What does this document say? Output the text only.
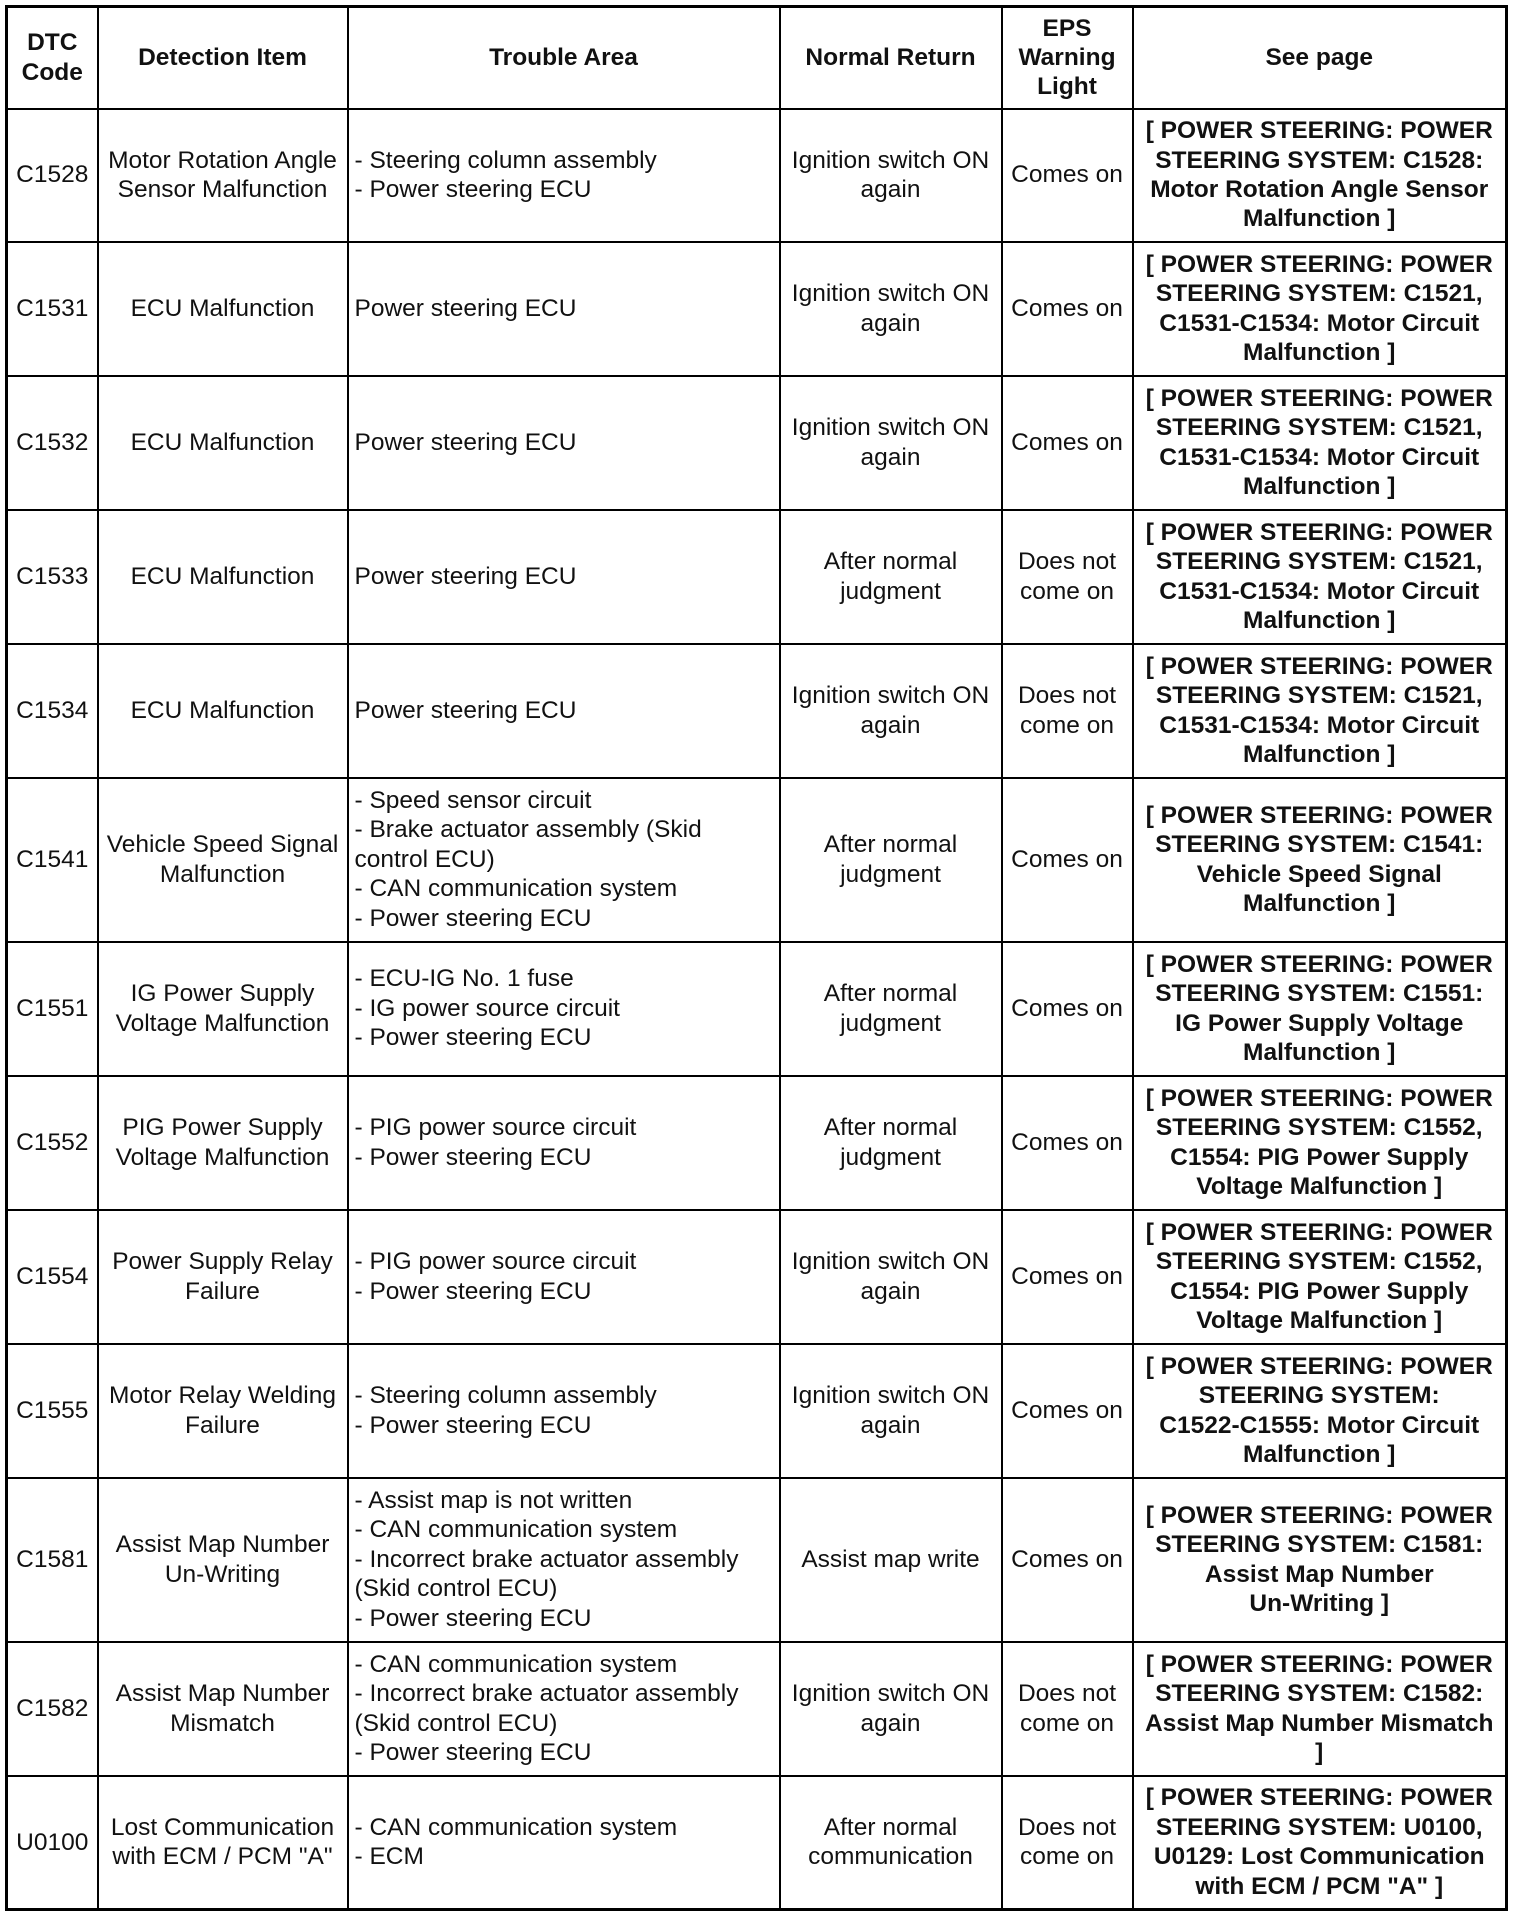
DTC
Code	Detection Item	Trouble Area	Normal Return	EPS
Warning
Light	See page
C1528	Motor Rotation Angle
Sensor Malfunction	- Steering column assembly
- Power steering ECU	Ignition switch ON
again	Comes on	[ POWER STEERING: POWER
STEERING SYSTEM: C1528:
Motor Rotation Angle Sensor
Malfunction ]

C1531	ECU Malfunction	Power steering ECU	Ignition switch ON
again	Comes on	[ POWER STEERING: POWER
STEERING SYSTEM: C1521,
C1531-C1534: Motor Circuit
Malfunction ]

C1532	ECU Malfunction	Power steering ECU	Ignition switch ON
again	Comes on	[ POWER STEERING: POWER
STEERING SYSTEM: C1521,
C1531-C1534: Motor Circuit
Malfunction ]

C1533	ECU Malfunction	Power steering ECU	After normal
judgment	Does not
come on	[ POWER STEERING: POWER
STEERING SYSTEM: C1521,
C1531-C1534: Motor Circuit
Malfunction ]

C1534	ECU Malfunction	Power steering ECU	Ignition switch ON
again	Does not
come on	[ POWER STEERING: POWER
STEERING SYSTEM: C1521,
C1531-C1534: Motor Circuit
Malfunction ]

C1541	Vehicle Speed Signal
Malfunction	- Speed sensor circuit
- Brake actuator assembly (Skid
control ECU)
- CAN communication system
- Power steering ECU	After normal
judgment	Comes on	[ POWER STEERING: POWER
STEERING SYSTEM: C1541:
Vehicle Speed Signal
Malfunction ]

C1551	IG Power Supply
Voltage Malfunction	- ECU-IG No. 1 fuse
- IG power source circuit
- Power steering ECU	After normal
judgment	Comes on	[ POWER STEERING: POWER
STEERING SYSTEM: C1551:
IG Power Supply Voltage
Malfunction ]

C1552	PIG Power Supply
Voltage Malfunction	- PIG power source circuit
- Power steering ECU	After normal
judgment	Comes on	[ POWER STEERING: POWER
STEERING SYSTEM: C1552,
C1554: PIG Power Supply
Voltage Malfunction ]

C1554	Power Supply Relay
Failure	- PIG power source circuit
- Power steering ECU	Ignition switch ON
again	Comes on	[ POWER STEERING: POWER
STEERING SYSTEM: C1552,
C1554: PIG Power Supply
Voltage Malfunction ]

C1555	Motor Relay Welding
Failure	- Steering column assembly
- Power steering ECU	Ignition switch ON
again	Comes on	[ POWER STEERING: POWER
STEERING SYSTEM:
C1522-C1555: Motor Circuit
Malfunction ]

C1581	Assist Map Number
Un-Writing	- Assist map is not written
- CAN communication system
- Incorrect brake actuator assembly
(Skid control ECU)
- Power steering ECU	Assist map write	Comes on	[ POWER STEERING: POWER
STEERING SYSTEM: C1581:
Assist Map Number
Un-Writing ]

C1582	Assist Map Number
Mismatch	- CAN communication system
- Incorrect brake actuator assembly
(Skid control ECU)
- Power steering ECU	Ignition switch ON
again	Does not
come on	[ POWER STEERING: POWER
STEERING SYSTEM: C1582:
Assist Map Number Mismatch
]

U0100	Lost Communication
with ECM / PCM "A"	- CAN communication system
- ECM	After normal
communication	Does not
come on	[ POWER STEERING: POWER
STEERING SYSTEM: U0100,
U0129: Lost Communication
with ECM / PCM "A" ]
